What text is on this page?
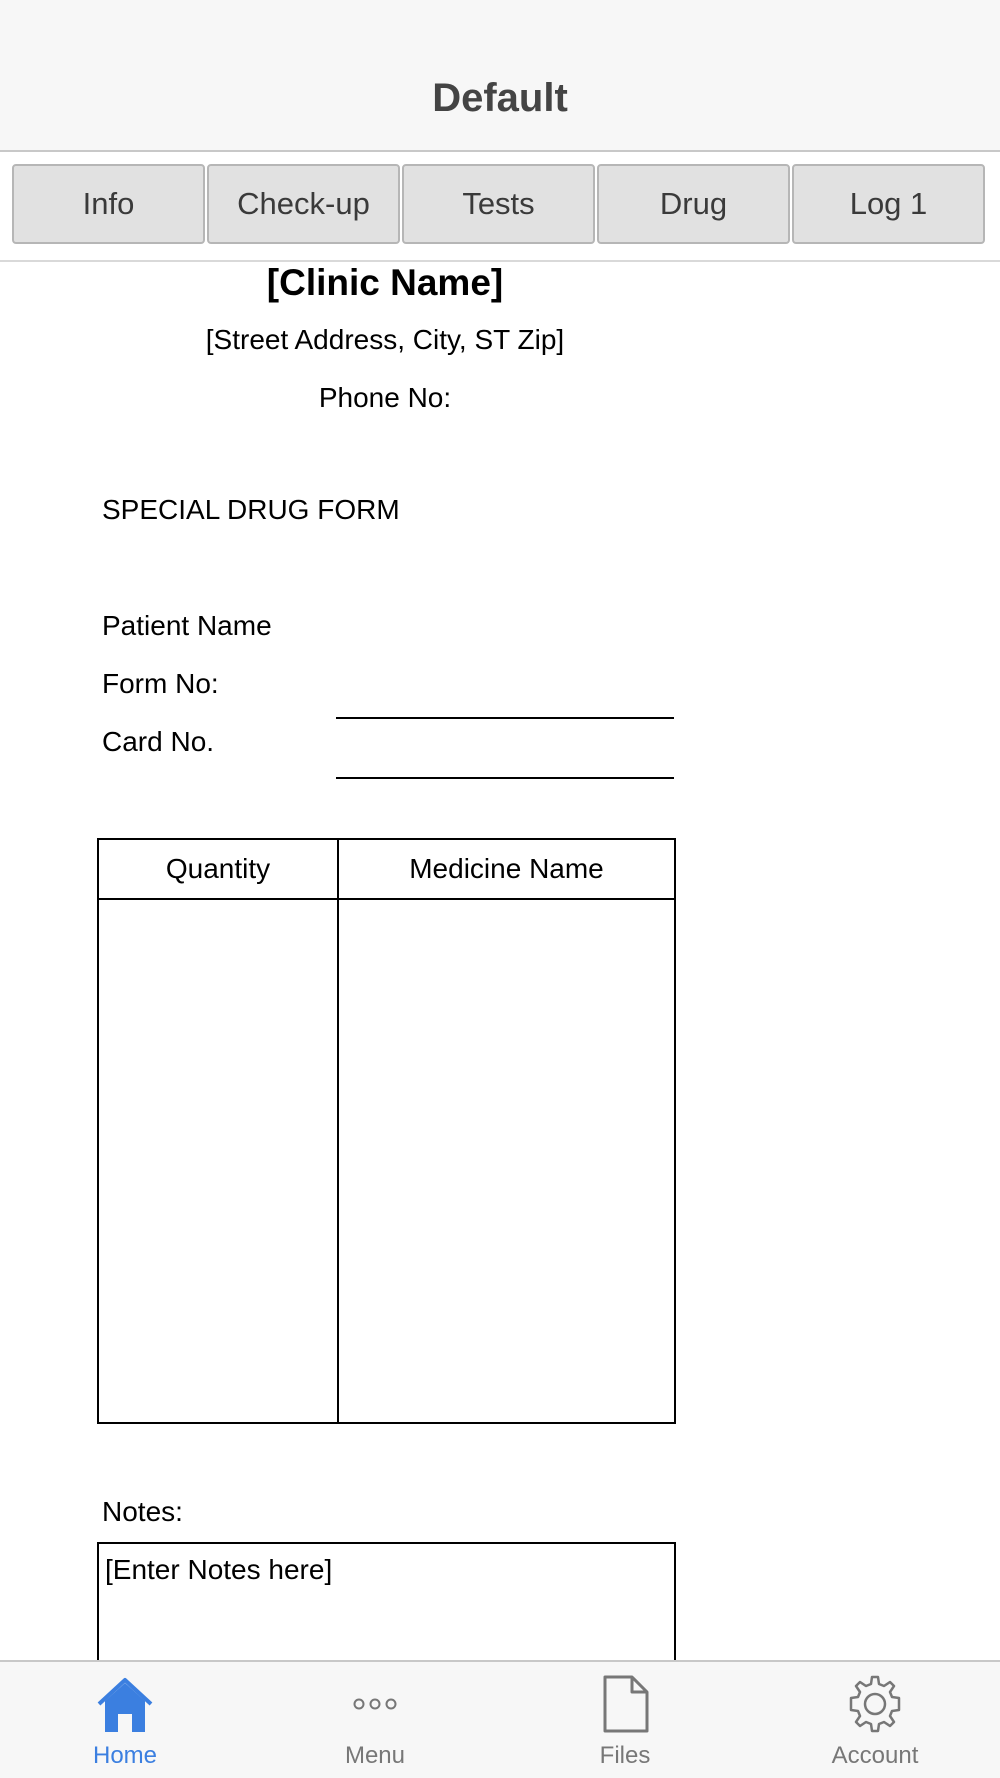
Default
Info	Check-up	Tests	Drug	Log 1
[Clinic Name]
[Street Address, City, ST Zip]
Phone No:
SPECIAL DRUG FORM
Patient Name
Form No:
Card No.
Quantity	Medicine Name

Notes:
[Enter Notes here]
Home	Menu	Files	Account
